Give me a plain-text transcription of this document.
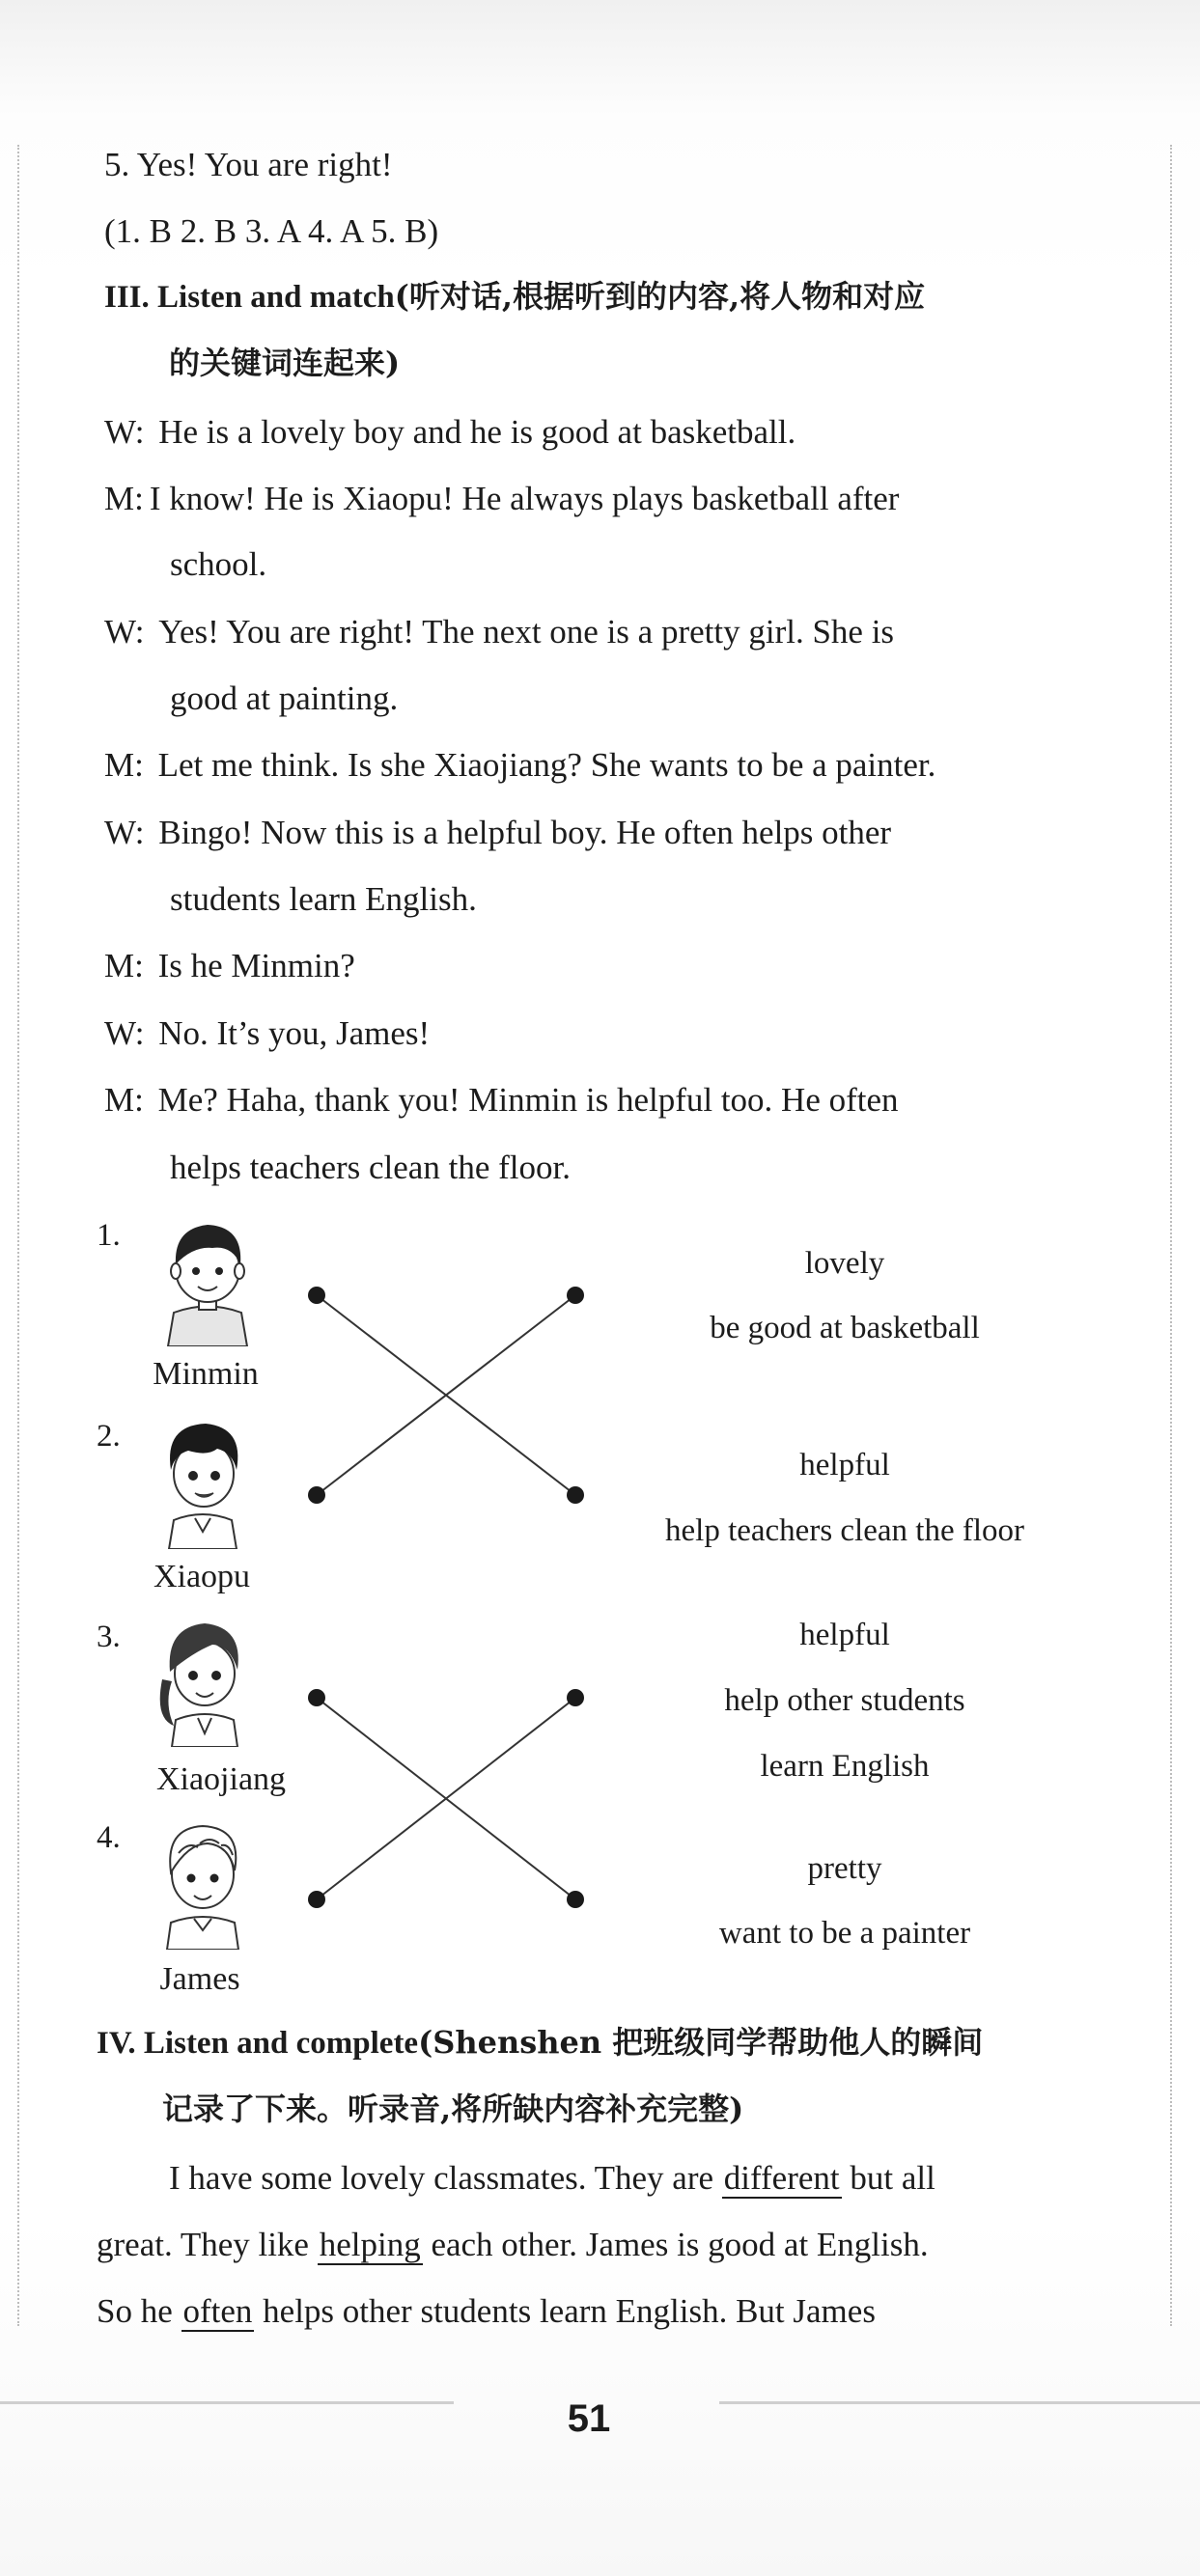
5. Yes! You are right!
(1. B 2. B 3. A 4. A 5. B)
III. Listen and match(听对话,根据听到的内容,将人物和对应
的关键词连起来)
W: He is a lovely boy and he is good at basketball.
M: I know! He is Xiaopu! He always plays basketball after
school.
W: Yes! You are right! The next one is a pretty girl. She is
good at painting.
M: Let me think. Is she Xiaojiang? She wants to be a painter.
W: Bingo! Now this is a helpful boy. He often helps other
students learn English.
M: Is he Minmin?
W: No. It’s you, James!
M: Me? Haha, thank you! Minmin is helpful too. He often
helps teachers clean the floor.
1.
2.
3.
4.
Minmin
Xiaopu
Xiaojiang
James
lovely
be good at basketball
helpful
help teachers clean the floor
helpful
help other students
learn English
pretty
want to be a painter
IV. Listen and complete(Shenshen 把班级同学帮助他人的瞬间
记录了下来。听录音,将所缺内容补充完整)
I have some lovely classmates. They are different but all
great. They like helping each other. James is good at English.
So he often helps other students learn English. But James
51
